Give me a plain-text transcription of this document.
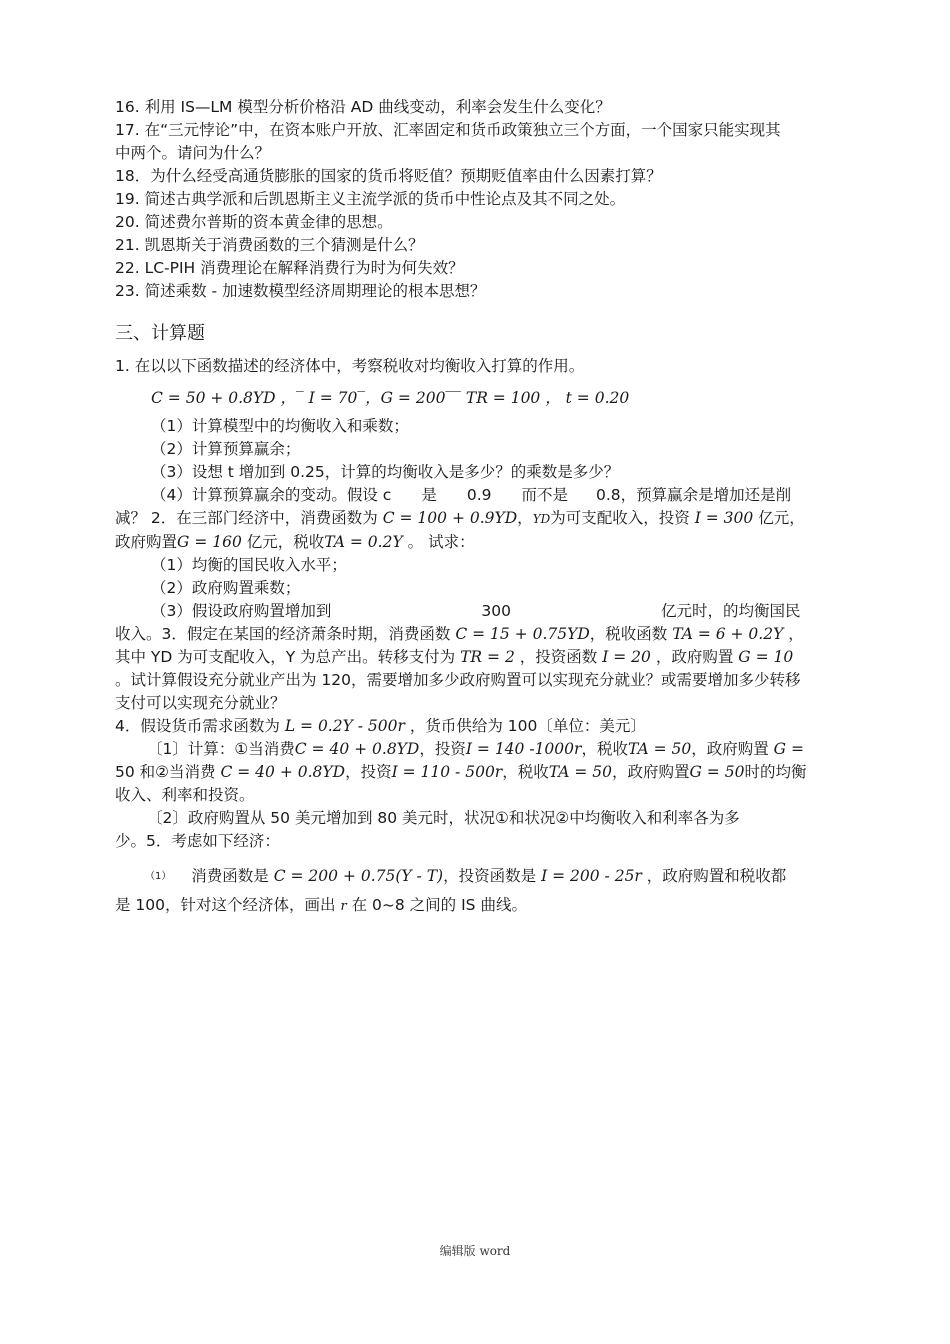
16. 利用 IS—LM 模型分析价格沿 AD 曲线变动，利率会发生什么变化？
17. 在“三元悖论”中，在资本账户开放、汇率固定和货币政策独立三个方面，一个国家只能实现其
中两个。请问为什么？
18．为什么经受高通货膨胀的国家的货币将贬值？预期贬值率由什么因素打算？
19. 简述古典学派和后凯恩斯主义主流学派的货币中性论点及其不同之处。
20. 简述费尔普斯的资本黄金律的思想。
21. 凯恩斯关于消费函数的三个猜测是什么？
22. LC-PIH 消费理论在解释消费行为时为何失效？
23. 简述乘数 - 加速数模型经济周期理论的根本思想？
三、计算题
1. 在以以下函数描述的经济体中，考察税收对均衡收入打算的作用。
C = 50 + 0.8YD ，‾ I = 70‾，G = 200‾‾ TR = 100 ， t = 0.20
（1）计算模型中的均衡收入和乘数；
（2）计算预算赢余；
（3）设想 t 增加到 0.25，计算的均衡收入是多少？的乘数是多少？
（4）计算预算赢余的变动。假设 c 是 0.9 而不是 0.8，预算赢余是增加还是削
减？ 2．在三部门经济中，消费函数为 C = 100 + 0.9YD，YD为可支配收入，投资 I = 300 亿元，
政府购置G = 160 亿元，税收TA = 0.2Y 。 试求：
（1）均衡的国民收入水平；
（2）政府购置乘数；
（3）假设政府购置增加到	300	亿元时，的均衡国民
收入。3．假定在某国的经济萧条时期，消费函数 C = 15 + 0.75YD，税收函数 TA = 6 + 0.2Y ，
其中 YD 为可支配收入，Y 为总产出。转移支付为 TR = 2 ，投资函数 I = 20 ，政府购置 G = 10
。试计算假设充分就业产出为 120，需要增加多少政府购置可以实现充分就业？或需要增加多少转移
支付可以实现充分就业？
4．假设货币需求函数为 L = 0.2Y - 500r ，货币供给为 100〔单位：美元〕
〔1〕计算：①当消费C = 40 + 0.8YD，投资I = 140 -1000r，税收TA = 50，政府购置 G =
50 和②当消费 C = 40 + 0.8YD，投资I = 110 - 500r，税收TA = 50，政府购置G = 50时的均衡
收入、利率和投资。
〔2〕政府购置从 50 美元增加到 80 美元时，状况①和状况②中均衡收入和利率各为多
少。5．考虑如下经济：
（1） 消费函数是 C = 200 + 0.75(Y - T)，投资函数是 I = 200 - 25r ，政府购置和税收都
是 100，针对这个经济体，画出 r 在 0~8 之间的 IS 曲线。
编辑版 word
